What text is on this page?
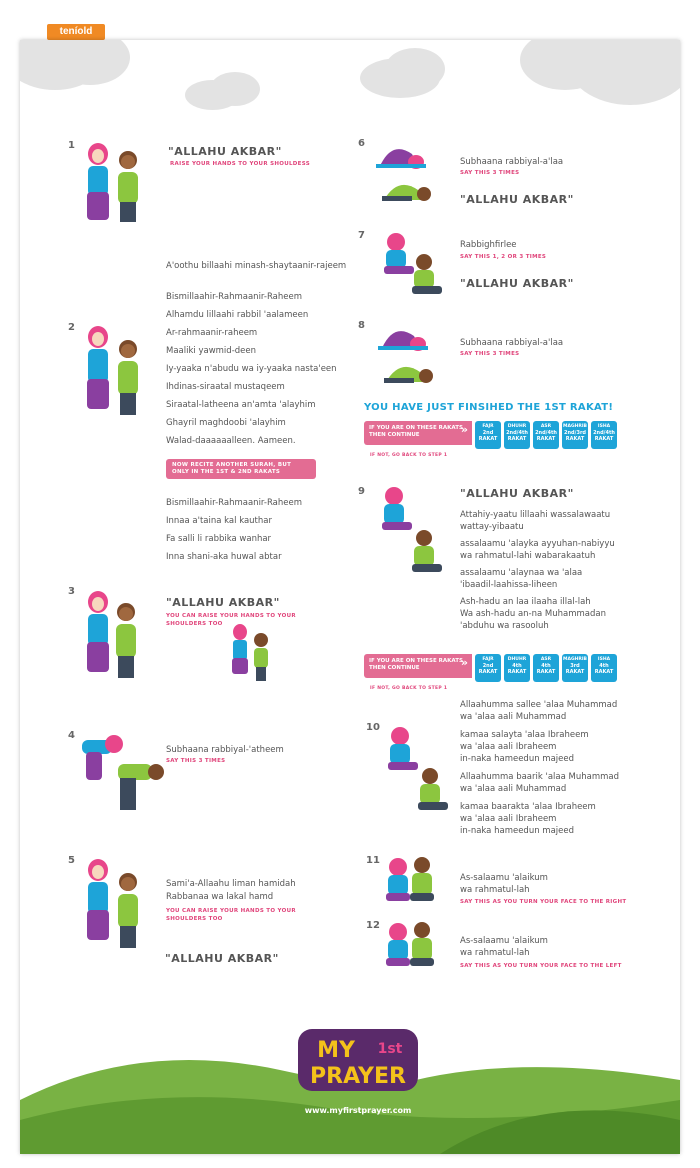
teníold
1	"ALLAHU AKBAR"
RAISE YOUR HANDS TO YOUR SHOULDESS
A'oothu billaahi minash-shaytaanir-rajeem
2
Bismillaahir-Rahmaanir-Raheem
Alhamdu lillaahi rabbil 'aalameen
Ar-rahmaanir-raheem
Maaliki yawmid-deen
Iy-yaaka n'abudu wa iy-yaaka nasta'een
Ihdinas-siraatal mustaqeem
Siraatal-latheena an'amta 'alayhim
Ghayril maghdoobi 'alayhim
Walad-daaaaaalleen. Aameen.
NOW RECITE ANOTHER SURAH, BUT ONLY IN THE 1ST & 2ND RAKATS
Bismillaahir-Rahmaanir-Raheem
Innaa a'taina kal kauthar
Fa salli li rabbika wanhar
Inna shani-aka huwal abtar
3
"ALLAHU AKBAR"
YOU CAN RAISE YOUR HANDS TO YOUR SHOULDERS TOO
4
Subhaana rabbiyal-'atheem
SAY THIS 3 TIMES
5
Sami'a-Allaahu liman hamidah
Rabbanaa wa lakal hamd
YOU CAN RAISE YOUR HANDS TO YOUR SHOULDERS TOO
"ALLAHU AKBAR"
6
Subhaana rabbiyal-a'laa
SAY THIS 3 TIMES
"ALLAHU AKBAR"
7
Rabbighfirlee
SAY THIS 1, 2 OR 3 TIMES
"ALLAHU AKBAR"
8
Subhaana rabbiyal-a'laa
SAY THIS 3 TIMES
YOU HAVE JUST FINSIHED THE 1ST RAKAT!
IF YOU ARE ON THESE RAKATS THEN CONTINUE »
FAJR
2nd RAKAT
DHUHR
2nd/4th RAKAT
ASR
2nd/4th RAKAT
MAGHRIB
2nd/3rd RAKAT
ISHA
2nd/4th RAKAT
IF NOT, GO BACK TO STEP 1
9	"ALLAHU AKBAR"
Attahiy-yaatu lillaahi wassalawaatu
wattay-yibaatu
assalaamu 'alayka ayyuhan-nabiyyu
wa rahmatul-lahi wabarakaatuh
assalaamu 'alaynaa wa 'alaa
'ibaadil-laahissa-liheen
Ash-hadu an laa ilaaha illal-lah
Wa ash-hadu an-na Muhammadan
'abduhu wa rasooluh
IF YOU ARE ON THESE RAKATS THEN CONTINUE »
FAJR
2nd RAKAT
DHUHR
4th RAKAT
ASR
4th RAKAT
MAGHRIB
3rd RAKAT
ISHA
4th RAKAT
IF NOT, GO BACK TO STEP 1
10
Allaahumma sallee 'alaa Muhammad
wa 'alaa aali Muhammad
kamaa salayta 'alaa Ibraheem
wa 'alaa aali Ibraheem
in-naka hameedun majeed
Allaahumma baarik 'alaa Muhammad
wa 'alaa aali Muhammad
kamaa baarakta 'alaa Ibraheem
wa 'alaa aali Ibraheem
in-naka hameedun majeed
11
As-salaamu 'alaikum
wa rahmatul-lah
SAY THIS AS YOU TURN YOUR FACE TO THE RIGHT
12
As-salaamu 'alaikum
wa rahmatul-lah
SAY THIS AS YOU TURN YOUR FACE TO THE LEFT
MY 1st
PRAYER
www.myfirstprayer.com
